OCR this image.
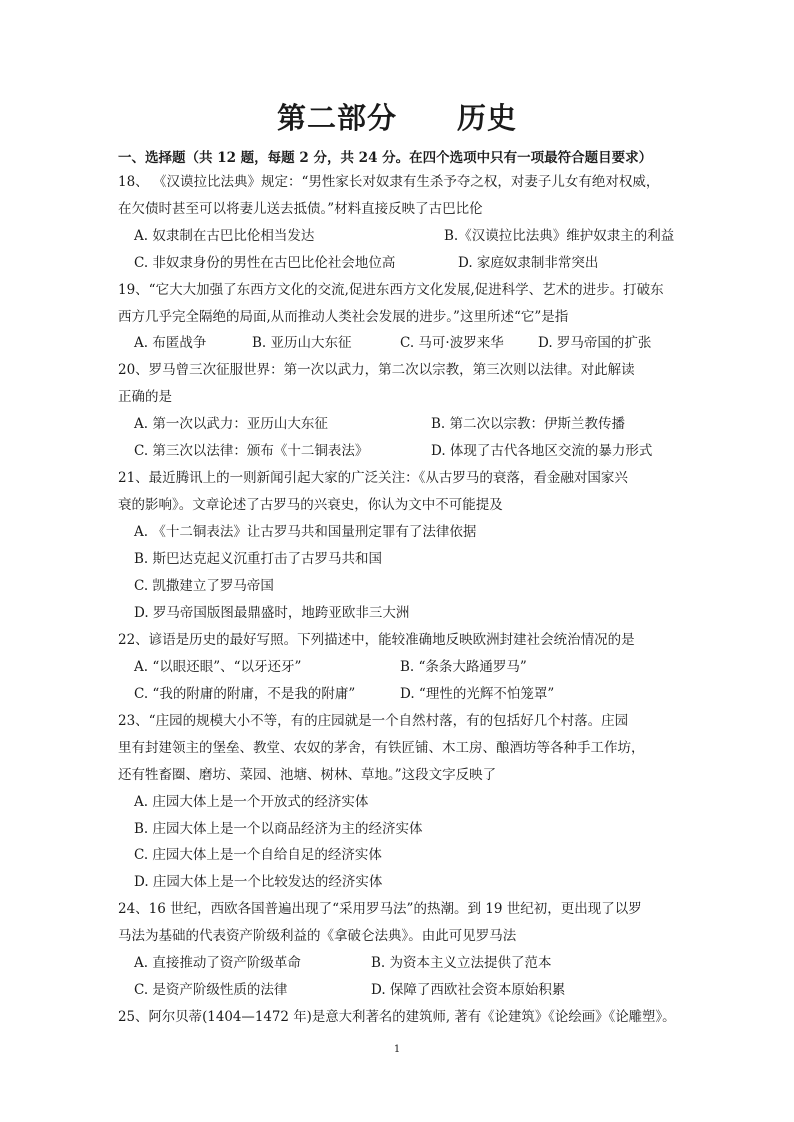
第二部分　　历史
一、选择题（共 12 题，每题 2 分，共 24 分。在四个选项中只有一项最符合题目要求）
18、 《汉谟拉比法典》规定：“男性家长对奴隶有生杀予夺之权，对妻子儿女有绝对权威，
在欠债时甚至可以将妻儿送去抵债。”材料直接反映了古巴比伦
A. 奴隶制在古巴比伦相当发达	B.《汉谟拉比法典》维护奴隶主的利益
C. 非奴隶身份的男性在古巴比伦社会地位高	D. 家庭奴隶制非常突出
19、“它大大加强了东西方文化的交流,促进东西方文化发展,促进科学、艺术的进步。打破东
西方几乎完全隔绝的局面,从而推动人类社会发展的进步。”这里所述“它”是指
A. 布匿战争	B. 亚历山大东征	C. 马可·波罗来华	D. 罗马帝国的扩张
20、罗马曾三次征服世界：第一次以武力，第二次以宗教，第三次则以法律。对此解读
正确的是
A. 第一次以武力：亚历山大东征	B. 第二次以宗教：伊斯兰教传播
C. 第三次以法律：颁布《十二铜表法》	D. 体现了古代各地区交流的暴力形式
21、最近腾讯上的一则新闻引起大家的广泛关注：《从古罗马的衰落，看金融对国家兴
衰的影响》。文章论述了古罗马的兴衰史，你认为文中不可能提及
A. 《十二铜表法》让古罗马共和国量刑定罪有了法律依据
B. 斯巴达克起义沉重打击了古罗马共和国
C. 凯撒建立了罗马帝国
D. 罗马帝国版图最鼎盛时，地跨亚欧非三大洲
22、谚语是历史的最好写照。下列描述中，能较准确地反映欧洲封建社会统治情况的是
A. “以眼还眼”、“以牙还牙”	B. “条条大路通罗马”
C. “我的附庸的附庸，不是我的附庸”	D. “理性的光辉不怕笼罩”
23、“庄园的规模大小不等，有的庄园就是一个自然村落，有的包括好几个村落。庄园
里有封建领主的堡垒、教堂、农奴的茅舍，有铁匠铺、木工房、酿酒坊等各种手工作坊，
还有牲畜圈、磨坊、菜园、池塘、树林、草地。”这段文字反映了
A. 庄园大体上是一个开放式的经济实体
B. 庄园大体上是一个以商品经济为主的经济实体
C. 庄园大体上是一个自给自足的经济实体
D. 庄园大体上是一个比较发达的经济实体
24、16 世纪，西欧各国普遍出现了“采用罗马法”的热潮。到 19 世纪初，更出现了以罗
马法为基础的代表资产阶级利益的《拿破仑法典》。由此可见罗马法
A. 直接推动了资产阶级革命	B. 为资本主义立法提供了范本
C. 是资产阶级性质的法律	D. 保障了西欧社会资本原始积累
25、阿尔贝蒂(1404—1472 年)是意大利著名的建筑师, 著有《论建筑》《论绘画》《论雕塑》。
1
